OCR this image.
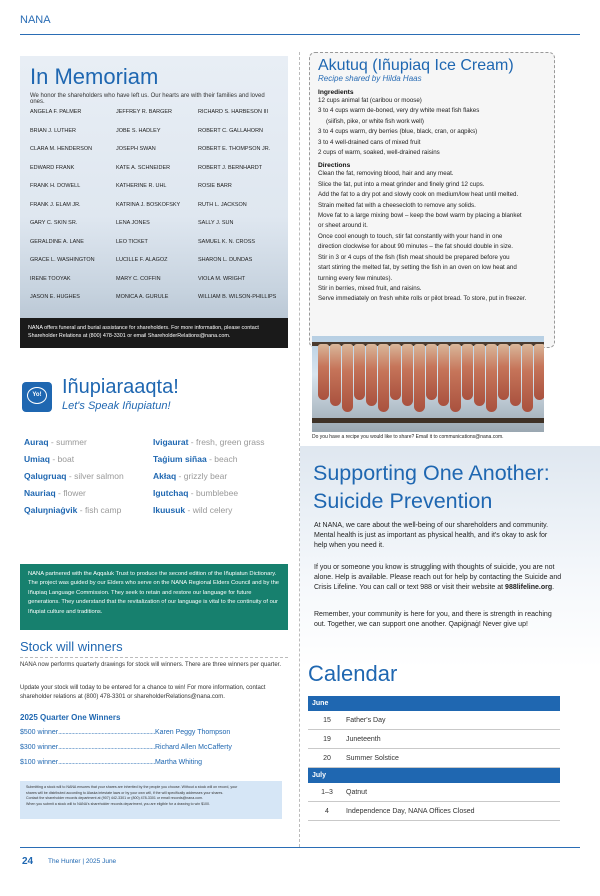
NANA
In Memoriam
We honor the shareholders who have left us. Our hearts are with their families and loved ones.
ANGELA F. PALMER	JEFFREY R. BARGER	RICHARD S. HARBESON III
BRIAN J. LUTHER	JOBE S. HADLEY	ROBERT C. GALLAHORN
CLARA M. HENDERSON	JOSEPH SWAN	ROBERT E. THOMPSON JR.
EDWARD FRANK	KATE A. SCHNEIDER	ROBERT J. BERNHARDT
FRANK H. DOWELL	KATHERINE R. UHL	ROSIE BARR
FRANK J. ELAM JR.	KATRINA J. BOSKOFSKY	RUTH L. JACKSON
GARY C. SKIN SR.	LENA JONES	SALLY J. SUN
GERALDINE A. LANE	LEO TICKET	SAMUEL K. N. CROSS
GRACE L. WASHINGTON	LUCILLE F. ALAGOZ	SHARON L. DUNDAS
IRENE TOOYAK	MARY C. COFFIN	VIOLA M. WRIGHT
JASON E. HUGHES	MONICA A. GURULE	WILLIAM B. WILSON-PHILLIPS
NANA offers funeral and burial assistance for shareholders. For more information, please contact Shareholder Relations at (800) 478-3301 or email ShareholderRelations@nana.com.
Akutuq (Iñupiaq Ice Cream)
Recipe shared by Hilda Haas
Ingredients
12 cups animal fat (caribou or moose)
3 to 4 cups warm de-boned, very dry white meat fish flakes
(siifish, pike, or white fish work well)
3 to 4 cups warm, dry berries (blue, black, cran, or aqpiks)
3 to 4 well-drained cans of mixed fruit
2 cups of warm, soaked, well-drained raisins
Directions
Clean the fat, removing blood, hair and any meat.
Slice the fat, put into a meat grinder and finely grind 12 cups.
Add the fat to a dry pot and slowly cook on medium/low heat until melted.
Strain melted fat with a cheesecloth to remove any solids.
Move fat to a large mixing bowl – keep the bowl warm by placing a blanket
or sheet around it.
Once cool enough to touch, stir fat constantly with your hand in one
direction clockwise for about 90 minutes – the fat should double in size.
Stir in 3 or 4 cups of the fish (fish meat should be prepared before you
start stirring the melted fat, by setting the fish in an oven on low heat and
turning every few minutes).
Stir in berries, mixed fruit, and raisins.
Serve immediately on fresh white rolls or pilot bread. To store, put in freezer.
Do you have a recipe you would like to share? Email it to communications@nana.com.
Yo! Iñupiaraaqta!
Let's Speak Iñupiatun!
Auraq - summer	Ivigaurat - fresh, green grass
Umiaq - boat	Taġium siñaa - beach
Qalugruaq - silver salmon	Akłaq - grizzly bear
Nauriaq - flower	Igutchaq - bumblebee
Qaluŋniaġvik - fish camp	Ikuusuk - wild celery
NANA partnered with the Aqqaluk Trust to produce the second edition of the Iñupiatun Dictionary. The project was guided by our Elders who serve on the NANA Regional Elders Council and by the Iñupiaq Language Commission. They seek to retain and restore our language for future generations. They understand that the revitalization of our language is vital to the continuity of our Iñupiat culture and traditions.
Stock will winners
NANA now performs quarterly drawings for stock will winners. There are three winners per quarter.
Update your stock will today to be entered for a chance to win! For more information, contact shareholder relations at (800) 478-3301 or shareholderRelations@nana.com.
2025 Quarter One Winners
$500 winner...................................................................Karen Peggy Thompson
$300 winner...................................................................Richard Allen McCafferty
$100 winner...................................................................Martha Whiting
Submitting a stock will to NANA ensures that your shares are inherited by the people you choose. Without a stock will on record, your
shares will be distributed according to Alaska intestate laws or by your own will, if the will specifically addresses your shares.
Contact the shareholder records department at (907) 442-3301 or (800) 478-3301 or email records@nana.com.
When you submit a stock will to NANA's shareholder records department, you are eligible for a drawing to win $100.
Supporting One Another:
Suicide Prevention
At NANA, we care about the well-being of our shareholders and community. Mental health is just as important as physical health, and it's okay to ask for help when you need it.
If you or someone you know is struggling with thoughts of suicide, you are not alone. Help is available. Please reach out for help by contacting the Suicide and Crisis Lifeline. You can call or text 988 or visit their website at 988lifeline.org.
Remember, your community is here for you, and there is strength in reaching out. Together, we can support one another. Qapiġnaġ! Never give up!
Calendar
June
15	Father's Day
19	Juneteenth
20	Summer Solstice
July
1–3	Qatnut
4	Independence Day, NANA Offices Closed
24 The Hunter | 2025 June
